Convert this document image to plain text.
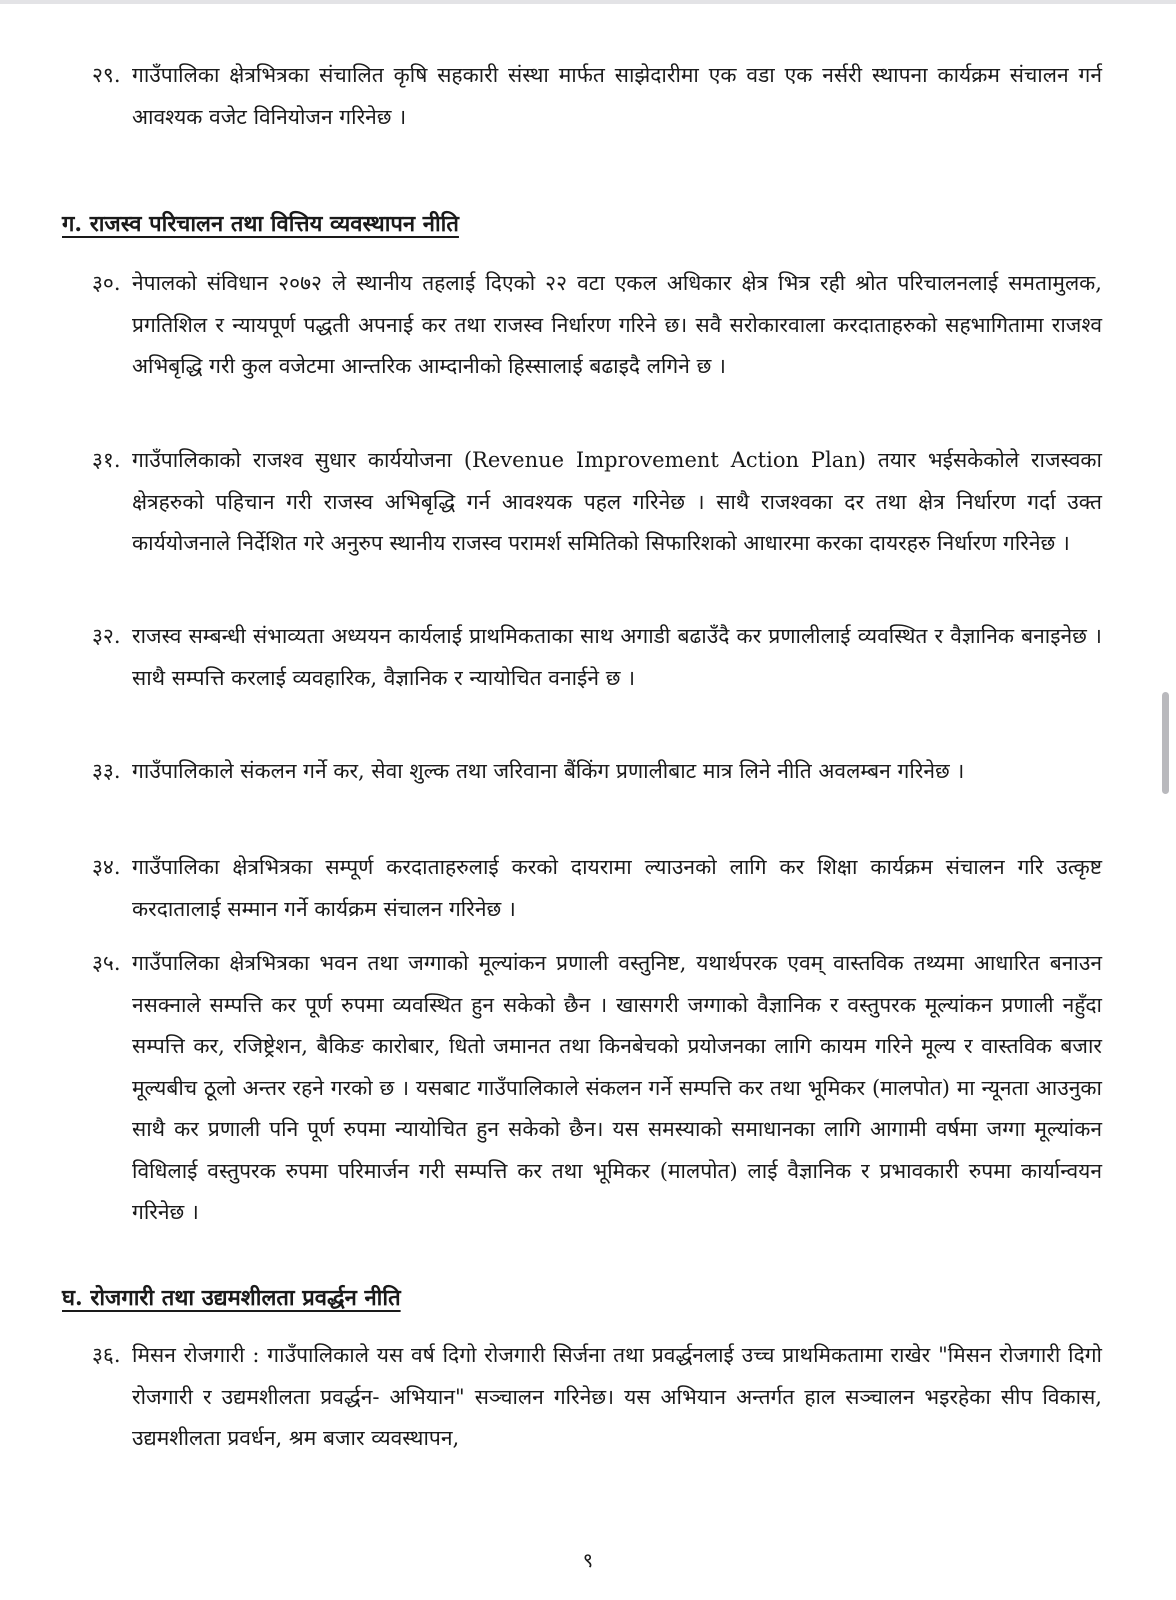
२९. गाउँपालिका क्षेत्रभित्रका संचालित कृषि सहकारी संस्था मार्फत साझेदारीमा एक वडा एक नर्सरी स्थापना कार्यक्रम संचालन गर्न आवश्यक वजेट विनियोजन गरिनेछ ।
ग. राजस्व परिचालन तथा वित्तिय व्यवस्थापन नीति
३०. नेपालको संविधान २०७२ ले स्थानीय तहलाई दिएको २२ वटा एकल अधिकार क्षेत्र भित्र रही श्रोत परिचालनलाई समतामुलक, प्रगतिशिल र न्यायपूर्ण पद्धती अपनाई कर तथा राजस्व निर्धारण गरिने छ। सवै सरोकारवाला करदाताहरुको सहभागितामा राजश्व अभिबृद्धि गरी कुल वजेटमा आन्तरिक आम्दानीको हिस्सालाई बढाइदै लगिने छ ।
३१. गाउँपालिकाको राजश्व सुधार कार्ययोजना (Revenue Improvement Action Plan) तयार भईसकेकोले राजस्वका क्षेत्रहरुको पहिचान गरी राजस्व अभिबृद्धि गर्न आवश्यक पहल गरिनेछ । साथै राजश्वका दर तथा क्षेत्र निर्धारण गर्दा उक्त कार्ययोजनाले निर्देशित गरे अनुरुप स्थानीय राजस्व परामर्श समितिको सिफारिशको आधारमा करका दायरहरु निर्धारण गरिनेछ ।
३२. राजस्व सम्बन्धी संभाव्यता अध्ययन कार्यलाई प्राथमिकताका साथ अगाडी बढाउँदै कर प्रणालीलाई व्यवस्थित र वैज्ञानिक बनाइनेछ । साथै सम्पत्ति करलाई व्यवहारिक, वैज्ञानिक र न्यायोचित वनाईने छ ।
३३. गाउँपालिकाले संकलन गर्ने कर, सेवा शुल्क तथा जरिवाना बैंकिंग प्रणालीबाट मात्र लिने नीति अवलम्बन गरिनेछ ।
३४. गाउँपालिका क्षेत्रभित्रका सम्पूर्ण करदाताहरुलाई करको दायरामा ल्याउनको लागि कर शिक्षा कार्यक्रम संचालन गरि उत्कृष्ट करदातालाई सम्मान गर्ने कार्यक्रम संचालन गरिनेछ ।
३५. गाउँपालिका क्षेत्रभित्रका भवन तथा जग्गाको मूल्यांकन प्रणाली वस्तुनिष्ट, यथार्थपरक एवम् वास्तविक तथ्यमा आधारित बनाउन नसक्नाले सम्पत्ति कर पूर्ण रुपमा व्यवस्थित हुन सकेको छैन । खासगरी जग्गाको वैज्ञानिक र वस्तुपरक मूल्यांकन प्रणाली नहुँदा सम्पत्ति कर, रजिष्ट्रेशन, बैकिङ कारोबार, धितो जमानत तथा किनबेचको प्रयोजनका लागि कायम गरिने मूल्य र वास्तविक बजार मूल्यबीच ठूलो अन्तर रहने गरको छ । यसबाट गाउँपालिकाले संकलन गर्ने सम्पत्ति कर तथा भूमिकर (मालपोत) मा न्यूनता आउनुका साथै कर प्रणाली पनि पूर्ण रुपमा न्यायोचित हुन सकेको छैन। यस समस्याको समाधानका लागि आगामी वर्षमा जग्गा मूल्यांकन विधिलाई वस्तुपरक रुपमा परिमार्जन गरी सम्पत्ति कर तथा भूमिकर (मालपोत) लाई वैज्ञानिक र प्रभावकारी रुपमा कार्यान्वयन गरिनेछ ।
घ. रोजगारी तथा उद्यमशीलता प्रवर्द्धन नीति
३६. मिसन रोजगारी : गाउँपालिकाले यस वर्ष दिगो रोजगारी सिर्जना तथा प्रवर्द्धनलाई उच्च प्राथमिकतामा राखेर "मिसन रोजगारी दिगो रोजगारी र उद्यमशीलता प्रवर्द्धन- अभियान" सञ्चालन गरिनेछ। यस अभियान अन्तर्गत हाल सञ्चालन भइरहेका सीप विकास, उद्यमशीलता प्रवर्धन, श्रम बजार व्यवस्थापन,
९
